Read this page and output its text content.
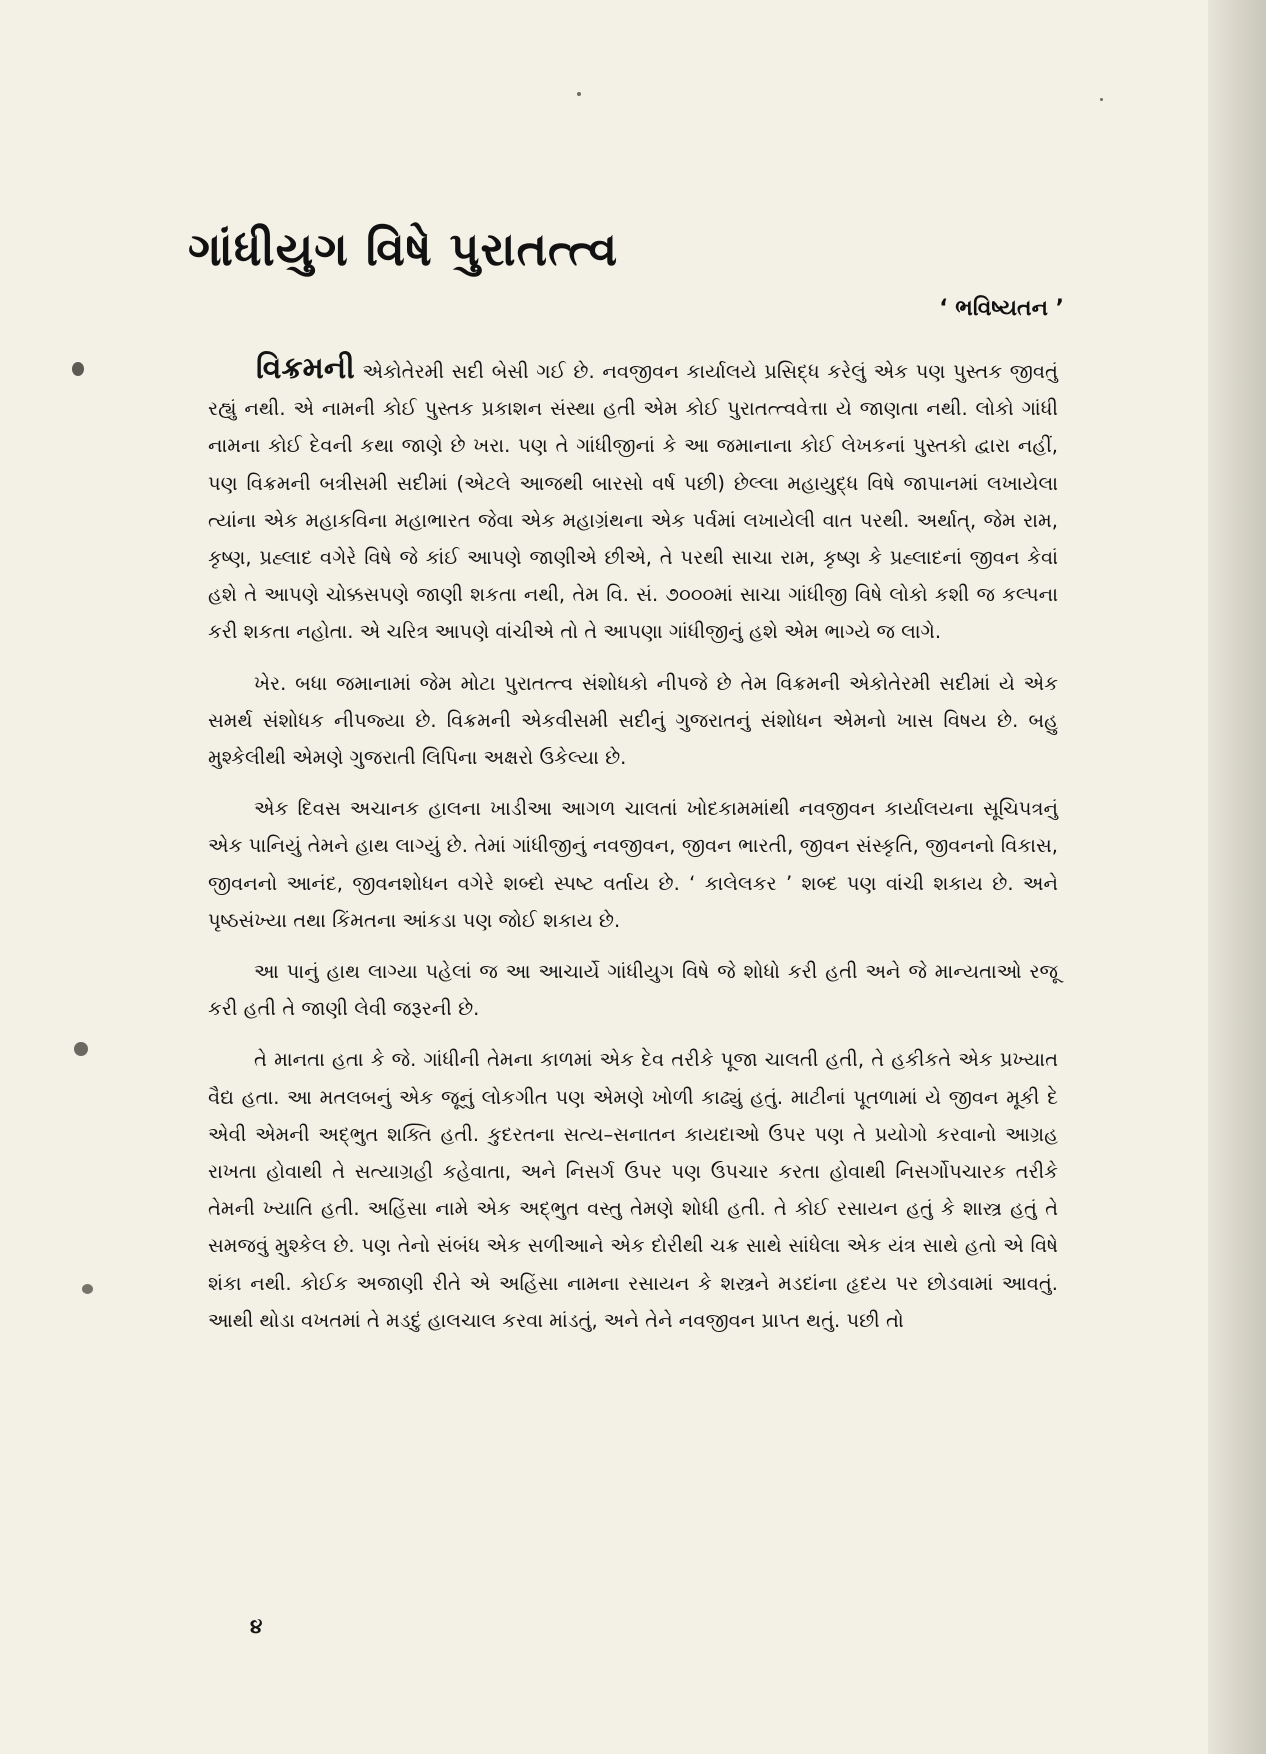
ગાંધીયુગ વિષે પુરાતત્ત્વ
‘ ભવિષ્યતન ’

વિક્રમની એકોતેરમી સદી બેસી ગઈ છે. નવજીવન કાર્યાલયે પ્રસિદ્ધ કરેલું એક પણ પુસ્તક જીવતું રહ્યું નથી. એ નામની કોઈ પુસ્તક પ્રકાશન સંસ્થા હતી એમ કોઈ પુરાતત્ત્વવેત્તા યે જાણતા નથી. લોકો ગાંધી નામના કોઈ દેવની કથા જાણે છે ખરા. પણ તે ગાંધીજીનાં કે આ જમાનાના કોઈ લેખકનાં પુસ્તકો દ્વારા નહીં, પણ વિક્રમની બત્રીસમી સદીમાં (એટલે આજથી બારસો વર્ષ પછી) છેલ્લા મહાયુદ્ધ વિષે જાપાનમાં લખાયેલા ત્યાંના એક મહાકવિના મહાભારત જેવા એક મહાગ્રંથના એક પર્વમાં લખાયેલી વાત પરથી. અર્થાત્, જેમ રામ, કૃષ્ણ, પ્રહ્લાદ વગેરે વિષે જે કાંઈ આપણે જાણીએ છીએ, તે પરથી સાચા રામ, કૃષ્ણ કે પ્રહ્લાદનાં જીવન કેવાં હશે તે આપણે ચોક્કસપણે જાણી શકતા નથી, તેમ વિ. સં. ૭૦૦૦માં સાચા ગાંધીજી વિષે લોકો કશી જ કલ્પના કરી શકતા નહોતા. એ ચરિત્ર આપણે વાંચીએ તો તે આપણા ગાંધીજીનું હશે એમ ભાગ્યે જ લાગે.

ખેર. બધા જમાનામાં જેમ મોટા પુરાતત્ત્વ સંશોધકો નીપજે છે તેમ વિક્રમની એકોતેરમી સદીમાં યે એક સમર્થ સંશોધક નીપજ્યા છે. વિક્રમની એકવીસમી સદીનું ગુજરાતનું સંશોધન એમનો ખાસ વિષય છે. બહુ મુશ્કેલીથી એમણે ગુજરાતી લિપિના અક્ષરો ઉકેલ્યા છે.

એક દિવસ અચાનક હાલના ખાડીઆ આગળ ચાલતાં ખોદકામમાંથી નવજીવન કાર્યાલયના સૂચિપત્રનું એક પાનિયું તેમને હાથ લાગ્યું છે. તેમાં ગાંધીજીનું નવજીવન, જીવન ભારતી, જીવન સંસ્કૃતિ, જીવનનો વિકાસ, જીવનનો આનંદ, જીવનશોધન વગેરે શબ્દો સ્પષ્ટ વર્તાય છે. ‘ કાલેલકર ’ શબ્દ પણ વાંચી શકાય છે. અને પૃષ્ઠસંખ્યા તથા કિંમતના આંકડા પણ જોઈ શકાય છે.

આ પાનું હાથ લાગ્યા પહેલાં જ આ આચાર્યે ગાંધીયુગ વિષે જે શોધો કરી હતી અને જે માન્યતાઓ રજૂ કરી હતી તે જાણી લેવી જરૂરની છે.

તે માનતા હતા કે જે. ગાંધીની તેમના કાળમાં એક દેવ તરીકે પૂજા ચાલતી હતી, તે હકીકતે એક પ્રખ્યાત વૈદ્ય હતા. આ મતલબનું એક જૂનું લોકગીત પણ એમણે ખોળી કાઢ્યું હતું. માટીનાં પૂતળામાં યે જીવન મૂકી દે એવી એમની અદ્ભુત શક્તિ હતી. કુદરતના સત્ય–સનાતન કાયદાઓ ઉપર પણ તે પ્રયોગો કરવાનો આગ્રહ રાખતા હોવાથી તે સત્યાગ્રહી કહેવાતા, અને નિસર્ગ ઉપર પણ ઉપચાર કરતા હોવાથી નિસર્ગોપચારક તરીકે તેમની ખ્યાતિ હતી. અહિંસા નામે એક અદ્ભુત વસ્તુ તેમણે શોધી હતી. તે કોઈ રસાયન હતું કે શાસ્ત્ર હતું તે સમજવું મુશ્કેલ છે. પણ તેનો સંબંધ એક સળીઆને એક દોરીથી ચક્ર સાથે સાંધેલા એક યંત્ર સાથે હતો એ વિષે શંકા નથી. કોઈક અજાણી રીતે એ અહિંસા નામના રસાયન કે શસ્ત્રને મડદાંના હૃદય પર છોડવામાં આવતું. આથી થોડા વખતમાં તે મડદું હાલચાલ કરવા માંડતું, અને તેને નવજીવન પ્રાપ્ત થતું. પછી તો

૪
